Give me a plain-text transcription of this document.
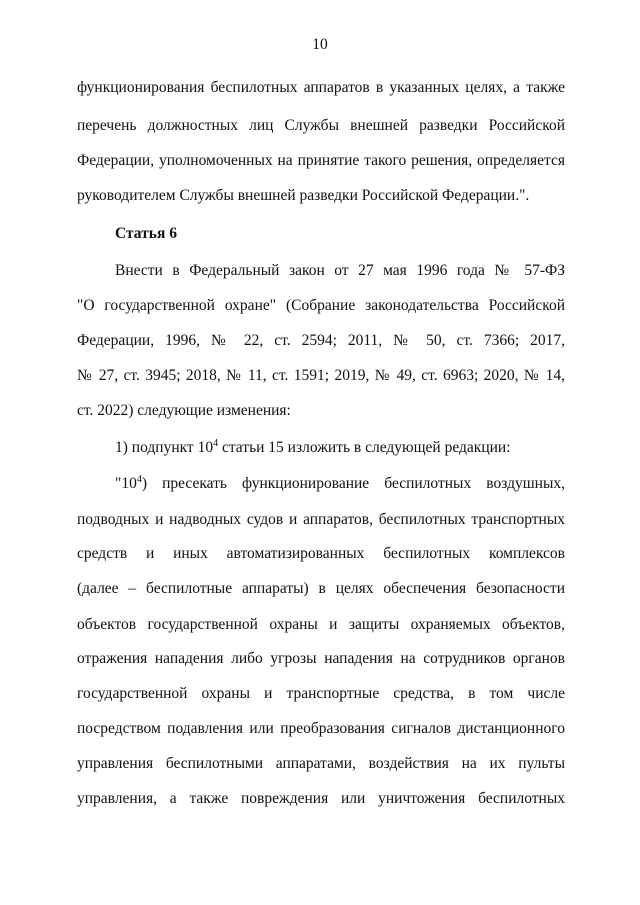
10
функционирования беспилотных аппаратов в указанных целях, а также
перечень должностных лиц Службы внешней разведки Российской
Федерации, уполномоченных на принятие такого решения, определяется
руководителем Службы внешней разведки Российской Федерации.".
Статья 6
Внести в Федеральный закон от 27 мая 1996 года № 57-ФЗ
"О государственной охране" (Собрание законодательства Российской
Федерации, 1996, № 22, ст. 2594; 2011, № 50, ст. 7366; 2017,
№ 27, ст. 3945; 2018, № 11, ст. 1591; 2019, № 49, ст. 6963; 2020, № 14,
ст. 2022) следующие изменения:
1) подпункт $10^4$ статьи 15 изложить в следующей редакции:
"$10^4$) пресекать функционирование беспилотных воздушных,
подводных и надводных судов и аппаратов, беспилотных транспортных
средств и иных автоматизированных беспилотных комплексов
(далее – беспилотные аппараты) в целях обеспечения безопасности
объектов государственной охраны и защиты охраняемых объектов,
отражения нападения либо угрозы нападения на сотрудников органов
государственной охраны и транспортные средства, в том числе
посредством подавления или преобразования сигналов дистанционного
управления беспилотными аппаратами, воздействия на их пульты
управления, а также повреждения или уничтожения беспилотных
